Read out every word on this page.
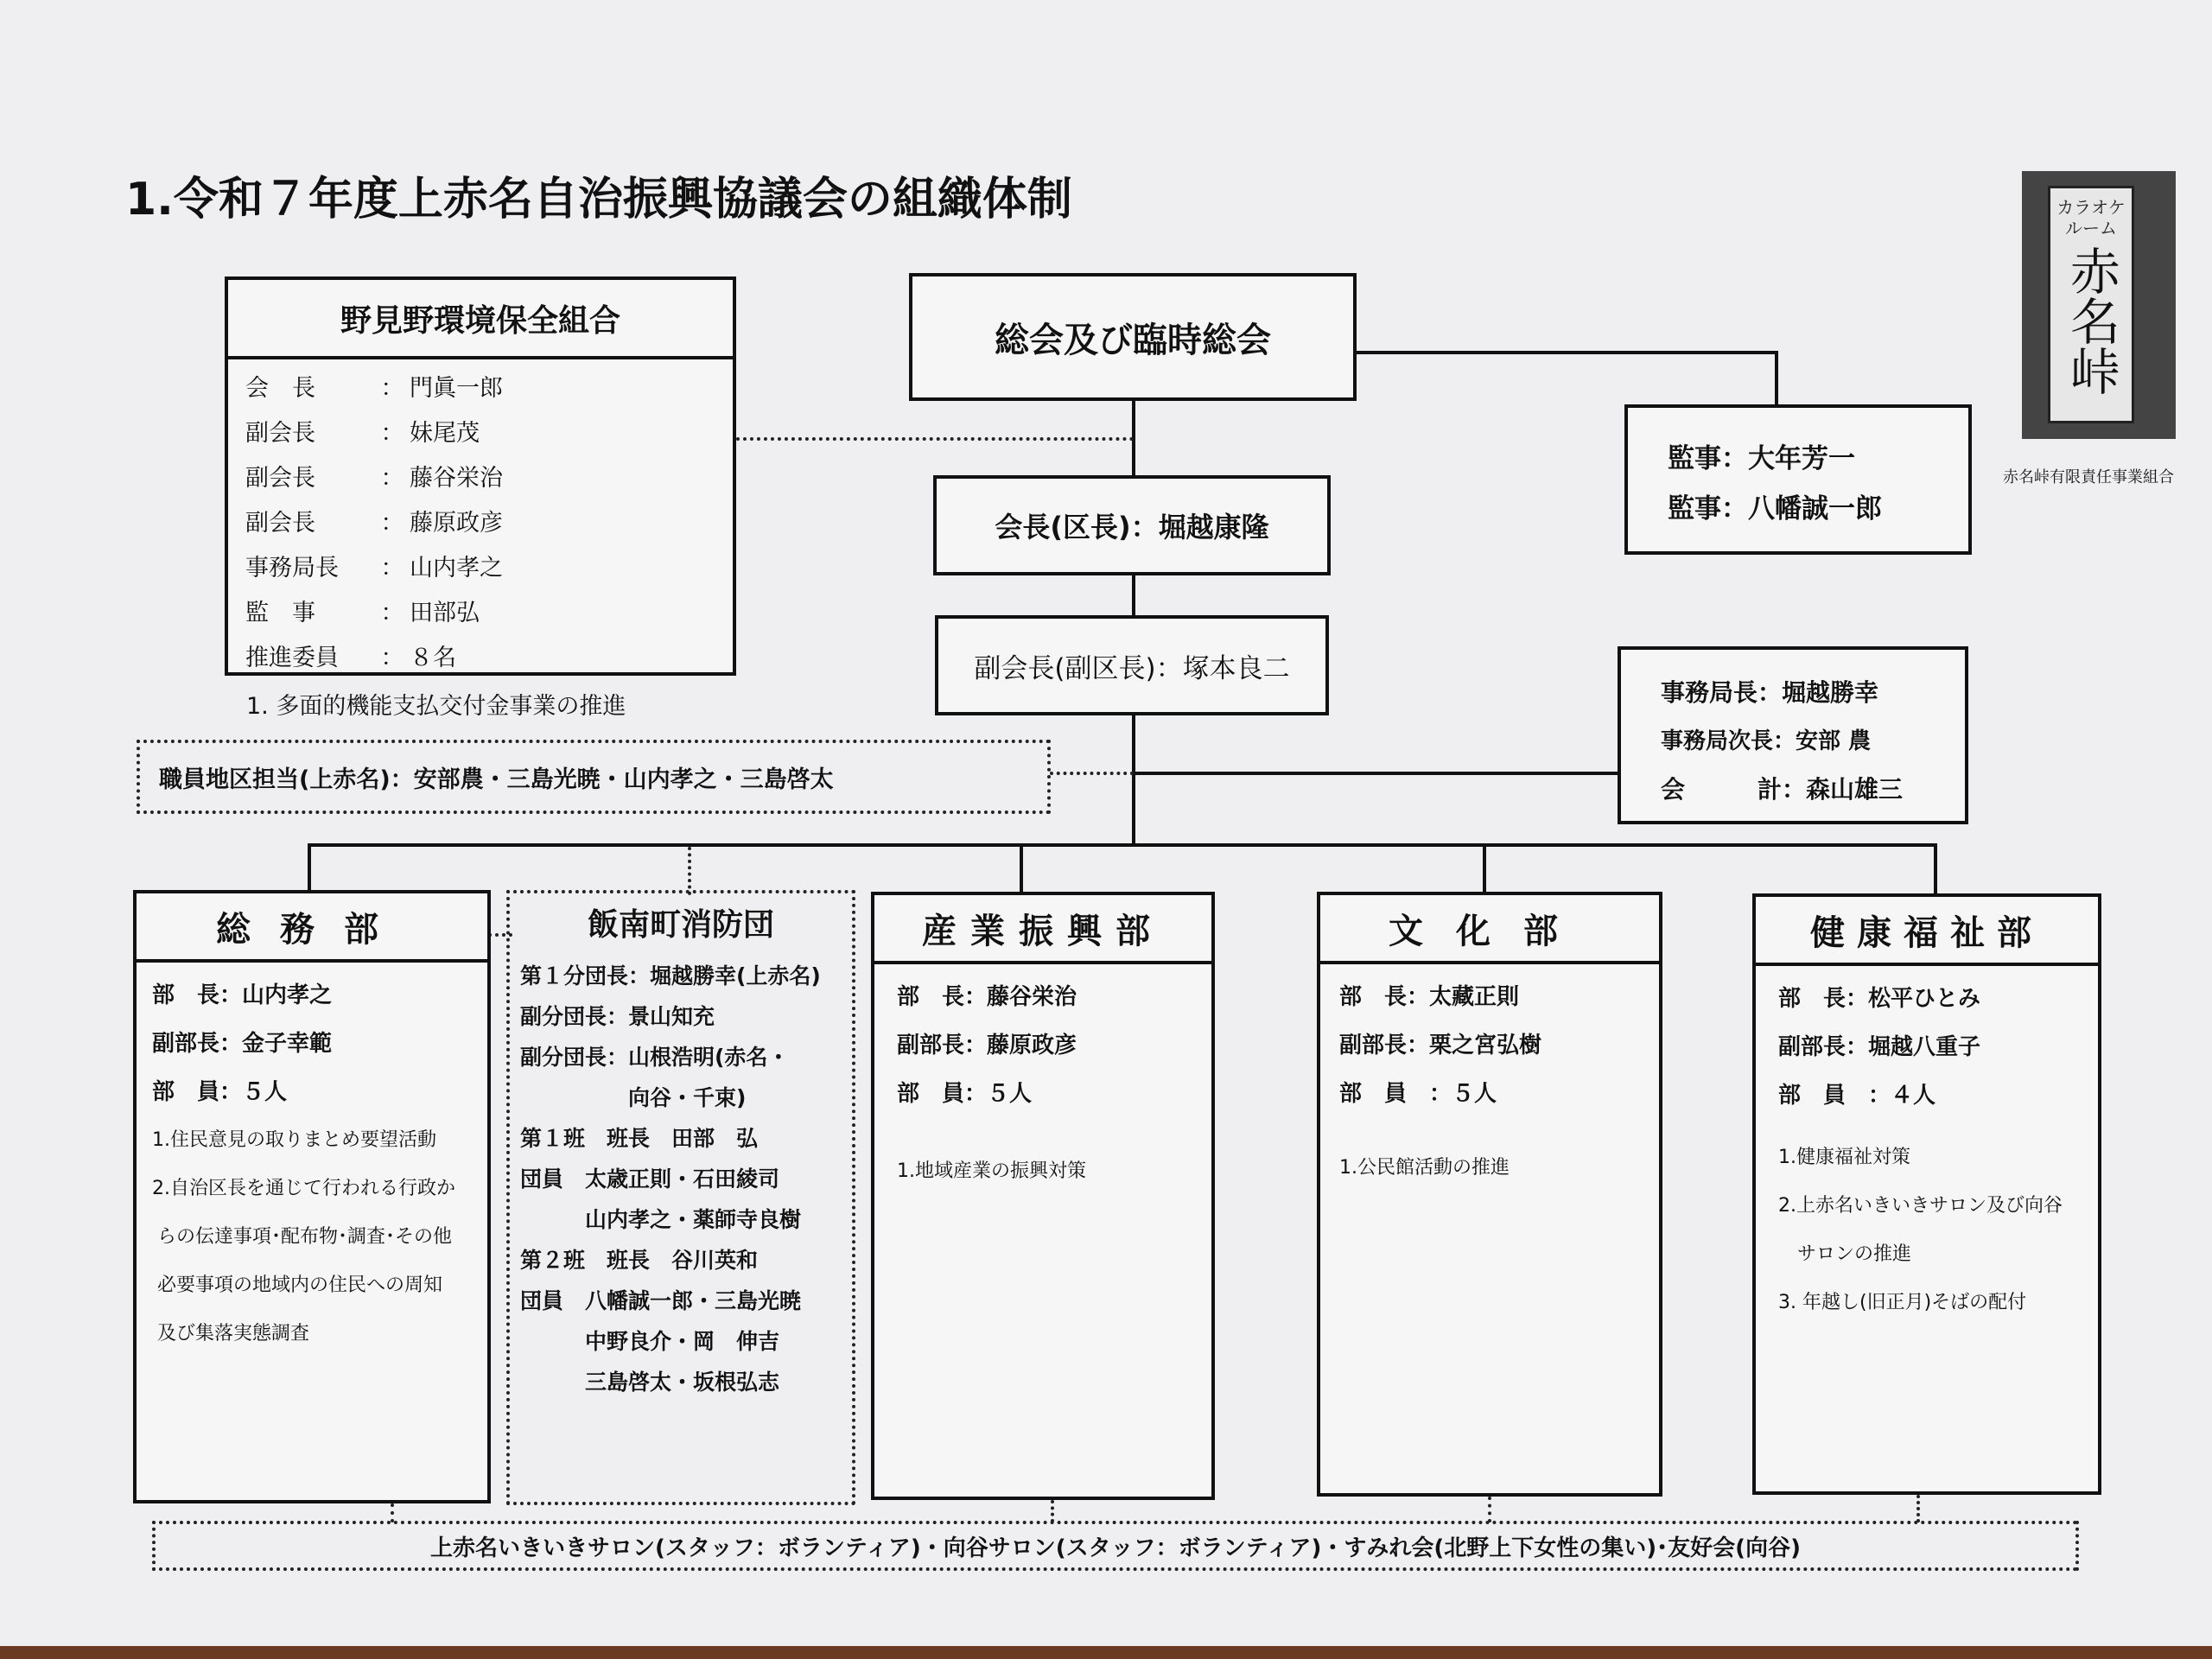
1.令和７年度上赤名自治振興協議会の組織体制
野見野環境保全組合
会　長	： 門眞一郎
副会長	： 妹尾茂
副会長	： 藤谷栄治
副会長	： 藤原政彦
事務局長	： 山内孝之
監　事	： 田部弘
推進委員	： ８名
1. 多面的機能支払交付金事業の推進
総会及び臨時総会
会長(区長)：堀越康隆
副会長(副区長)：塚本良二
監事：大年芳一
監事：八幡誠一郎
事務局長：堀越勝幸
事務局次長：安部 農
会	計：森山雄三
職員地区担当(上赤名)：安部農・三島光暁・山内孝之・三島啓太
総務部
部　長：山内孝之
副部長：金子幸範
部　員：５人
1.住民意見の取りまとめ要望活動
2.自治区長を通じて行われる行政か
らの伝達事項･配布物･調査･その他
必要事項の地域内の住民への周知
及び集落実態調査
飯南町消防団
第１分団長：堀越勝幸(上赤名)
副分団長：景山知充
副分団長：山根浩明(赤名・
　　　　　向谷・千束)
第１班　班長　田部　弘
団員　太歳正則・石田綾司
　　　山内孝之・薬師寺良樹
第２班　班長　谷川英和
団員　八幡誠一郎・三島光暁
　　　中野良介・岡　伸吉
　　　三島啓太・坂根弘志
産業振興部
部　長：藤谷栄治
副部長：藤原政彦
部　員：５人
1.地域産業の振興対策
文化部
部　長：太藏正則
副部長：栗之宮弘樹
部　員　：５人
1.公民館活動の推進
健康福祉部
部　長：松平ひとみ
副部長：堀越八重子
部　員　：４人
1.健康福祉対策
2.上赤名いきいきサロン及び向谷
　サロンの推進
3. 年越し(旧正月)そばの配付
上赤名いきいきサロン(スタッフ：ボランティア)・向谷サロン(スタッフ：ボランティア)・すみれ会(北野上下女性の集い)･友好会(向谷)
カラオケルーム
赤名峠
赤名峠有限責任事業組合
